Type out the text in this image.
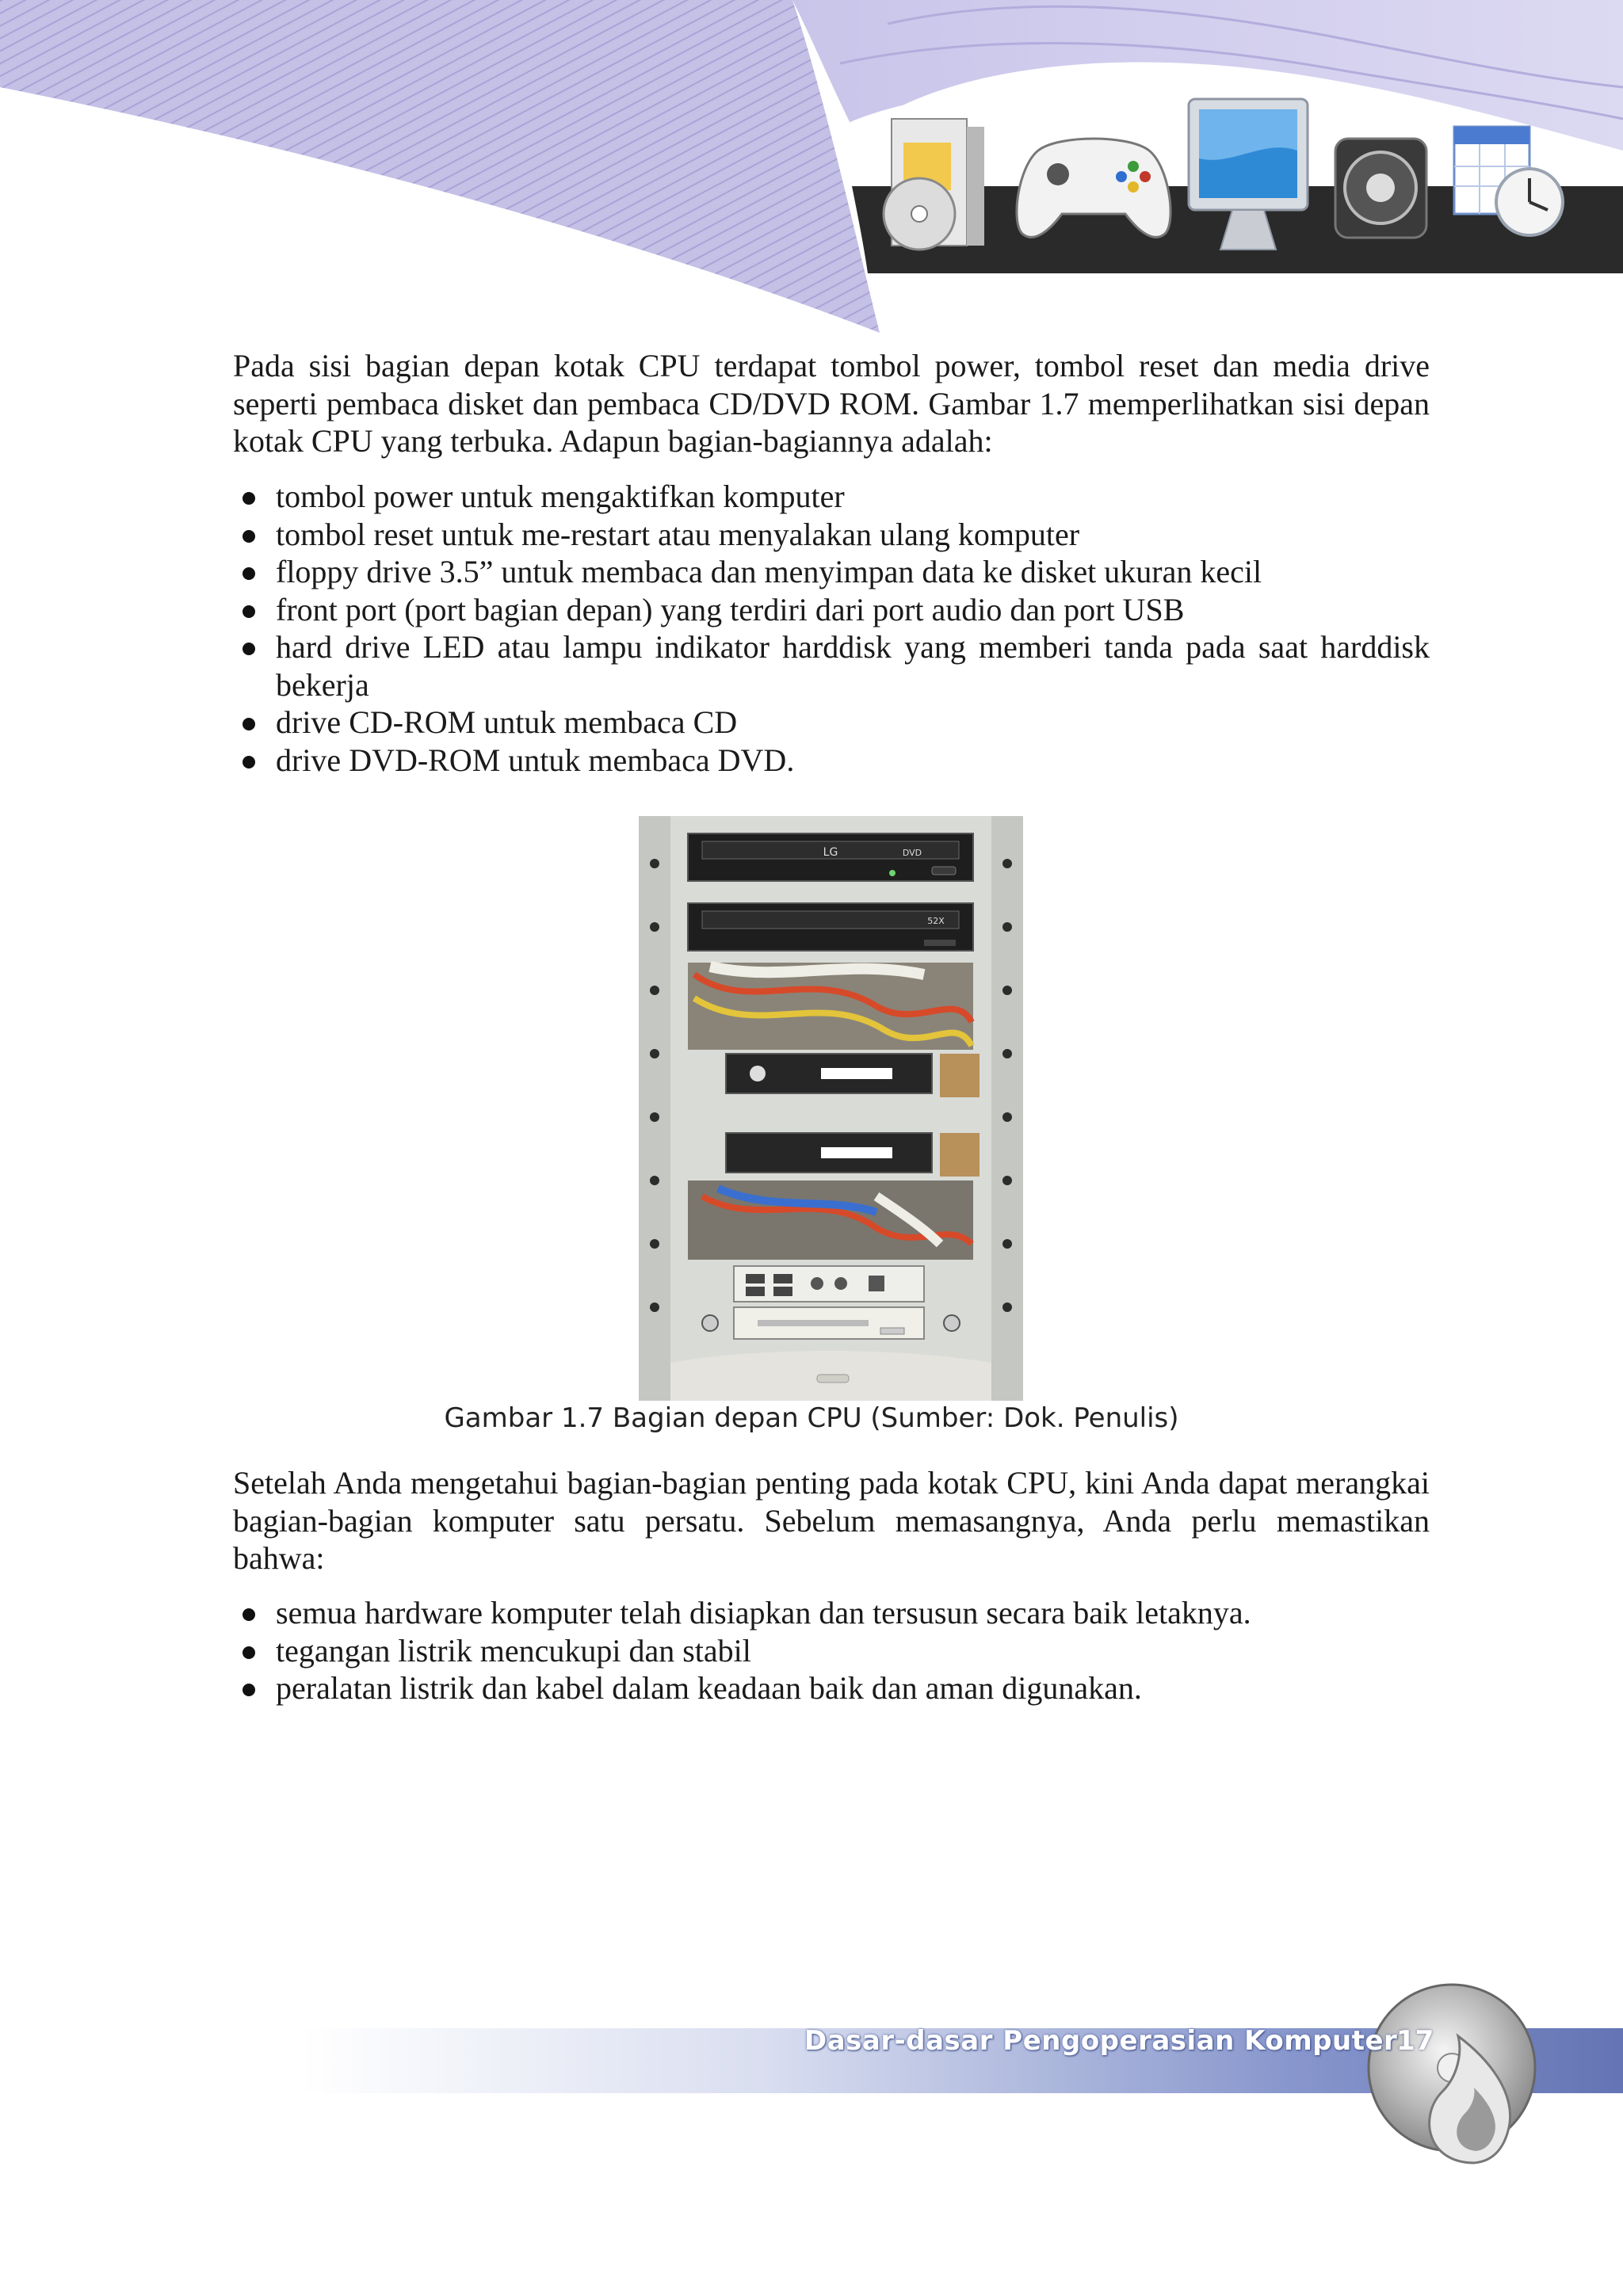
Pada sisi bagian depan kotak CPU terdapat tombol power, tombol reset dan media drive seperti pembaca disket dan pembaca CD/DVD ROM. Gambar 1.7 memperlihatkan sisi depan kotak CPU yang terbuka. Adapun bagian-bagiannya adalah:

tombol power untuk mengaktifkan komputer
tombol reset untuk me-restart atau menyalakan ulang komputer
floppy drive 3.5” untuk membaca dan menyimpan data ke disket ukuran kecil
front port (port bagian depan) yang terdiri dari port audio dan port USB
hard drive LED atau lampu indikator harddisk yang memberi tanda pada saat harddisk bekerja
drive CD-ROM untuk membaca CD
drive DVD-ROM untuk membaca DVD.
LG	DVD
52X
Gambar 1.7 Bagian depan CPU (Sumber: Dok. Penulis)

Setelah Anda mengetahui bagian-bagian penting pada kotak CPU, kini Anda dapat merangkai bagian-bagian komputer satu persatu. Sebelum memasangnya, Anda perlu memastikan bahwa:

semua hardware komputer telah disiapkan dan tersusun secara baik letaknya.
tegangan listrik mencukupi dan stabil
peralatan listrik dan kabel dalam keadaan baik dan aman digunakan.
Dasar-dasar Pengoperasian Komputer
17
